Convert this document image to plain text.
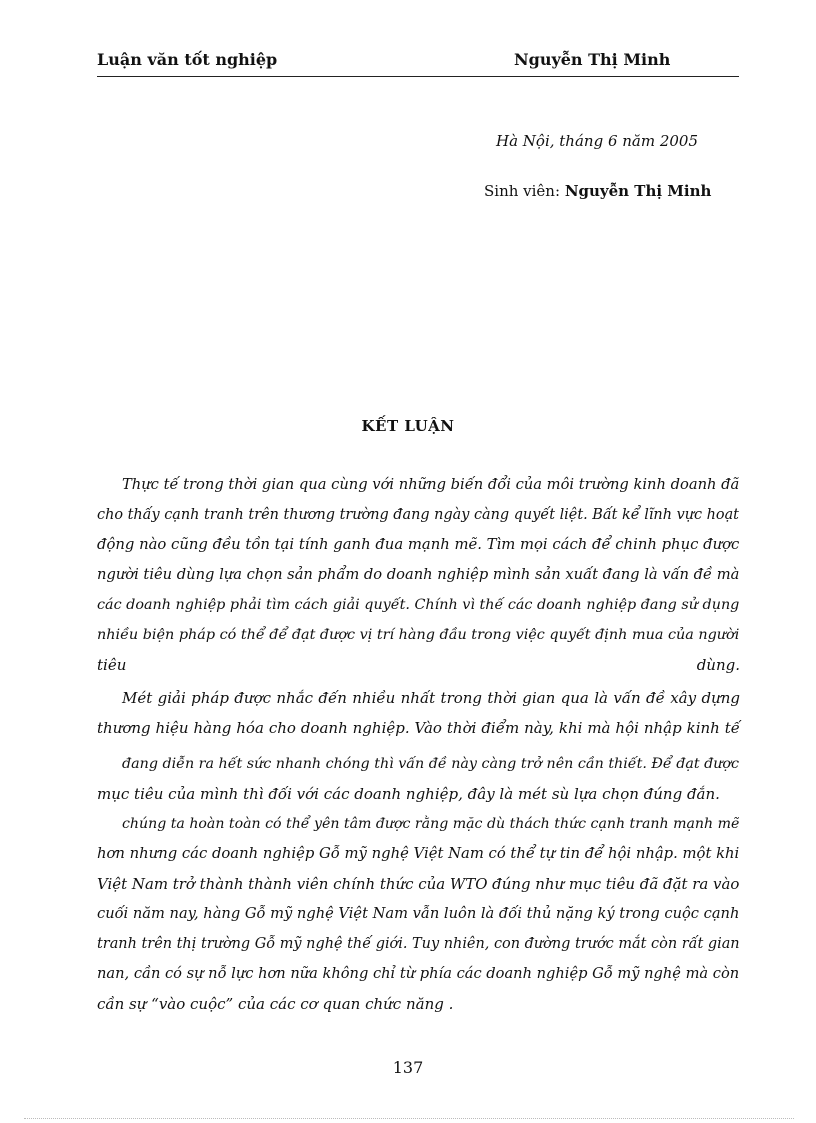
Luận văn tốt nghiệp	Nguyễn Thị Minh
Hà Nội, tháng 6 năm 2005
Sinh viên: Nguyễn Thị Minh
KẾT LUẬN
Thực tế trong thời gian qua cùng với những biến đổi của môi trường kinh doanh đã
cho thấy cạnh tranh trên thương trường đang ngày càng quyết liệt. Bất kể lĩnh vực hoạt
động nào cũng đều tồn tại tính ganh đua mạnh mẽ. Tìm mọi cách để chinh phục được
người tiêu dùng lựa chọn sản phẩm do doanh nghiệp mình sản xuất đang là vấn đề mà
các doanh nghiệp phải tìm cách giải quyết. Chính vì thế các doanh nghiệp đang sử dụng
nhiều biện pháp có thể để đạt được vị trí hàng đầu trong việc quyết định mua của người
tiêu	dùng.
Mét giải pháp được nhắc đến nhiều nhất trong thời gian qua là vấn đề xây dựng
thương hiệu hàng hóa cho doanh nghiệp. Vào thời điểm này, khi mà hội nhập kinh tế
đang diễn ra hết sức nhanh chóng thì vấn đề này càng trở nên cần thiết. Để đạt được
mục tiêu của mình thì đối với các doanh nghiệp, đây là mét sù lựa chọn đúng đắn.
chúng ta hoàn toàn có thể yên tâm được rằng mặc dù thách thức cạnh tranh mạnh mẽ
hơn nhưng các doanh nghiệp Gỗ mỹ nghệ Việt Nam có thể tự tin để hội nhập. một khi
Việt Nam trở thành thành viên chính thức của WTO đúng như mục tiêu đã đặt ra vào
cuối năm nay, hàng Gỗ mỹ nghệ Việt Nam vẫn luôn là đối thủ nặng ký trong cuộc cạnh
tranh trên thị trường Gỗ mỹ nghệ thế giới. Tuy nhiên, con đường trước mắt còn rất gian
nan, cần có sự nỗ lực hơn nữa không chỉ từ phía các doanh nghiệp Gỗ mỹ nghệ mà còn
cần sự “vào cuộc” của các cơ quan chức năng .
137
